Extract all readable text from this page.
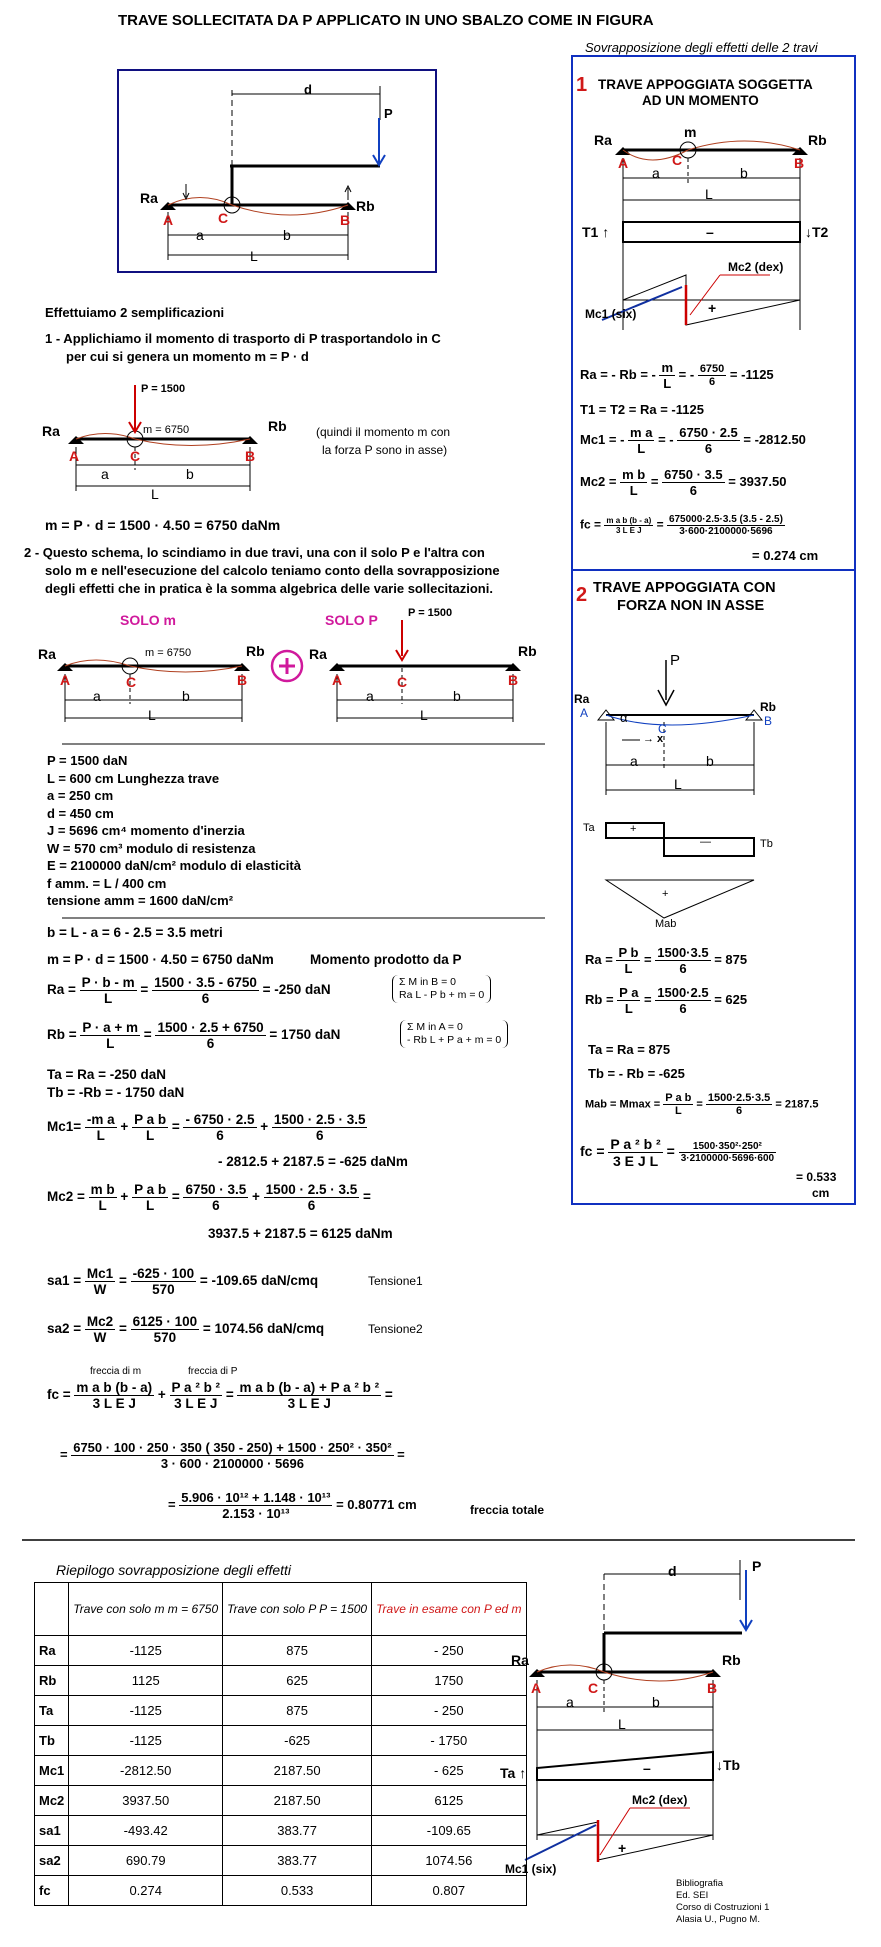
TRAVE SOLLECITATA DA P APPLICATO IN UNO SBALZO COME IN FIGURA
Sovrapposizione degli effetti delle 2 travi
d
P
Ra	Rb
A	C	B
a	b
L
Effettuiamo 2 semplificazioni
1 - Applichiamo il momento di trasporto di P trasportandolo in C
per cui si genera un momento m = P · d
P = 1500
Ra	Rb
m = 6750
A	C	B
a	b
L
(quindi il momento m con
la forza P sono in asse)
m = P · d = 1500 · 4.50 = 6750 daNm
2 - Questo schema, lo scindiamo in due travi, una con il solo P e l'altra con
solo m e nell'esecuzione del calcolo teniamo conto della sovrapposizione
degli effetti che in pratica è la somma algebrica delle varie sollecitazioni.
SOLO m	SOLO P	P = 1500
m = 6750
Ra	Rb	Ra	Rb
A	C	B	A	C	B
a	b
L
a	b
L
P = 1500 daN
L = 600 cm Lunghezza trave
a = 250 cm
d = 450 cm
J = 5696 cm⁴ momento d'inerzia
W = 570 cm³ modulo di resistenza
E = 2100000 daN/cm² modulo di elasticità
f amm. = L / 400 cm
tensione amm = 1600 daN/cm²
b = L - a = 6 - 2.5 = 3.5 metri
m = P · d = 1500 · 4.50 = 6750 daNm	Momento prodotto da P
$Ra = \frac{P \cdot b - m}{L} = \frac{1500 \cdot 3.5 - 6750}{6} = -250$ daN
Σ M in B = 0
Ra L - P b + m = 0
$Rb = \frac{P \cdot a + m}{L} = \frac{1500 \cdot 2.5 + 6750}{6} = 1750$ daN
Σ M in A = 0
- Rb L + P a + m = 0
Ta = Ra = -250 daN
Tb = -Rb = - 1750 daN
$Mc1= \frac{\text{-m a}}{L} + \frac{\text{P a b}}{L} = \frac{- 6750 \cdot 2.5}{6} + \frac{1500 \cdot 2.5 \cdot 3.5}{6}$
- 2812.5 + 2187.5 = -625 daNm
$Mc2 = \frac{\text{m b}}{L} + \frac{\text{P a b}}{L} = \frac{6750 \cdot 3.5}{6} + \frac{1500 \cdot 2.5 \cdot 3.5}{6}$ =
3937.5 + 2187.5 = 6125 daNm
$sa1 = \frac{Mc1}{W} = \frac{-625 \cdot 100}{570} = -109.65$ daN/cmq	Tensione1
$sa2 = \frac{Mc2}{W} = \frac{6125 \cdot 100}{570} = 1074.56$ daN/cmq	Tensione2
freccia di m	freccia di P
fc = $\frac{\text{m a b (b - a)}}{\text{3 L E J}} + \frac{\text{P a ² b ²}}{\text{3 L E J}} = \frac{\text{m a b (b - a) + P a ² b ²}}{\text{3 L E J}}$ =
= $\frac{\text{6750 · 100 · 250 · 350 ( 350 - 250) + 1500 · 250² · 350²}}{3 \cdot 600 \cdot 2100000 \cdot 5696}$ =
= $\frac{\text{5.906 · 10¹² + 1.148 · 10¹³}}{\text{2.153 · 10¹³}} = 0.80771$ cm	freccia totale
1 TRAVE APPOGGIATA SOGGETTA
AD UN MOMENTO
Ra	Rb
m
A	C	B
a	b
L
T1 ↑	–	↓T2
Mc2 (dex)
Mc1 (six)	+
Ra = - Rb = - $\frac{m}{L}$ = - $\frac{6750}{6} = -1125$
T1 = T2 = Ra = -1125
Mc1 = - $\frac{\text{m a}}{L}$ = - $\frac{6750 \cdot 2.5}{6} = -2812.50$
$Mc2 = \frac{\text{m b}}{L} = \frac{6750 \cdot 3.5}{6} = 3937.50$
fc = $\frac{\text{m a b (b - a)}}{\text{3 L E J}} = \frac{675000\cdot 2.5\cdot 3.5 (3.5 - 2.5)}{3\cdot 600\cdot 2100000\cdot 5696}$
= 0.274 cm
2 TRAVE APPOGGIATA CON
FORZA NON IN ASSE
P
Ra
Rb
A
C
B
α
→ x
a	b
L
Ta	+
—	Tb
+
Mab
$Ra = \frac{\text{P b}}{L} = \frac{1500\cdot 3.5}{6} = 875$
$Rb = \frac{\text{P a}}{L} = \frac{1500\cdot 2.5}{6} = 625$
Ta = Ra = 875
Tb = - Rb = -625
Mab = $Mmax = \frac{\text{P a b}}{L} = \frac{1500\cdot 2.5\cdot 3.5}{6} = 2187.5$
fc = $\frac{\text{P a ² b ²}}{\text{3 E J L}} = \frac{\text{1500·350²·250²}}{3\cdot 2100000\cdot 5696\cdot 600}$
= 0.533
cm
Riepilogo sovrapposizione degli effetti
	Trave con solo m m = 6750	Trave con solo P P = 1500	Trave in esame con P ed m
Ra	-1125	875	- 250
Rb	1125	625	1750
Ta	-1125	875	- 250
Tb	-1125	-625	- 1750
Mc1	-2812.50	2187.50	- 625
Mc2	3937.50	2187.50	6125
sa1	-493.42	383.77	-109.65
sa2	690.79	383.77	1074.56
fc	0.274	0.533	0.807
d	P
Ra	Rb
A	C	B
a	b
L
Ta ↑	↓Tb
–
Mc2 (dex)
Mc1 (six)
+
Bibliografia
Ed. SEI
Corso di Costruzioni 1
Alasia U., Pugno M.
